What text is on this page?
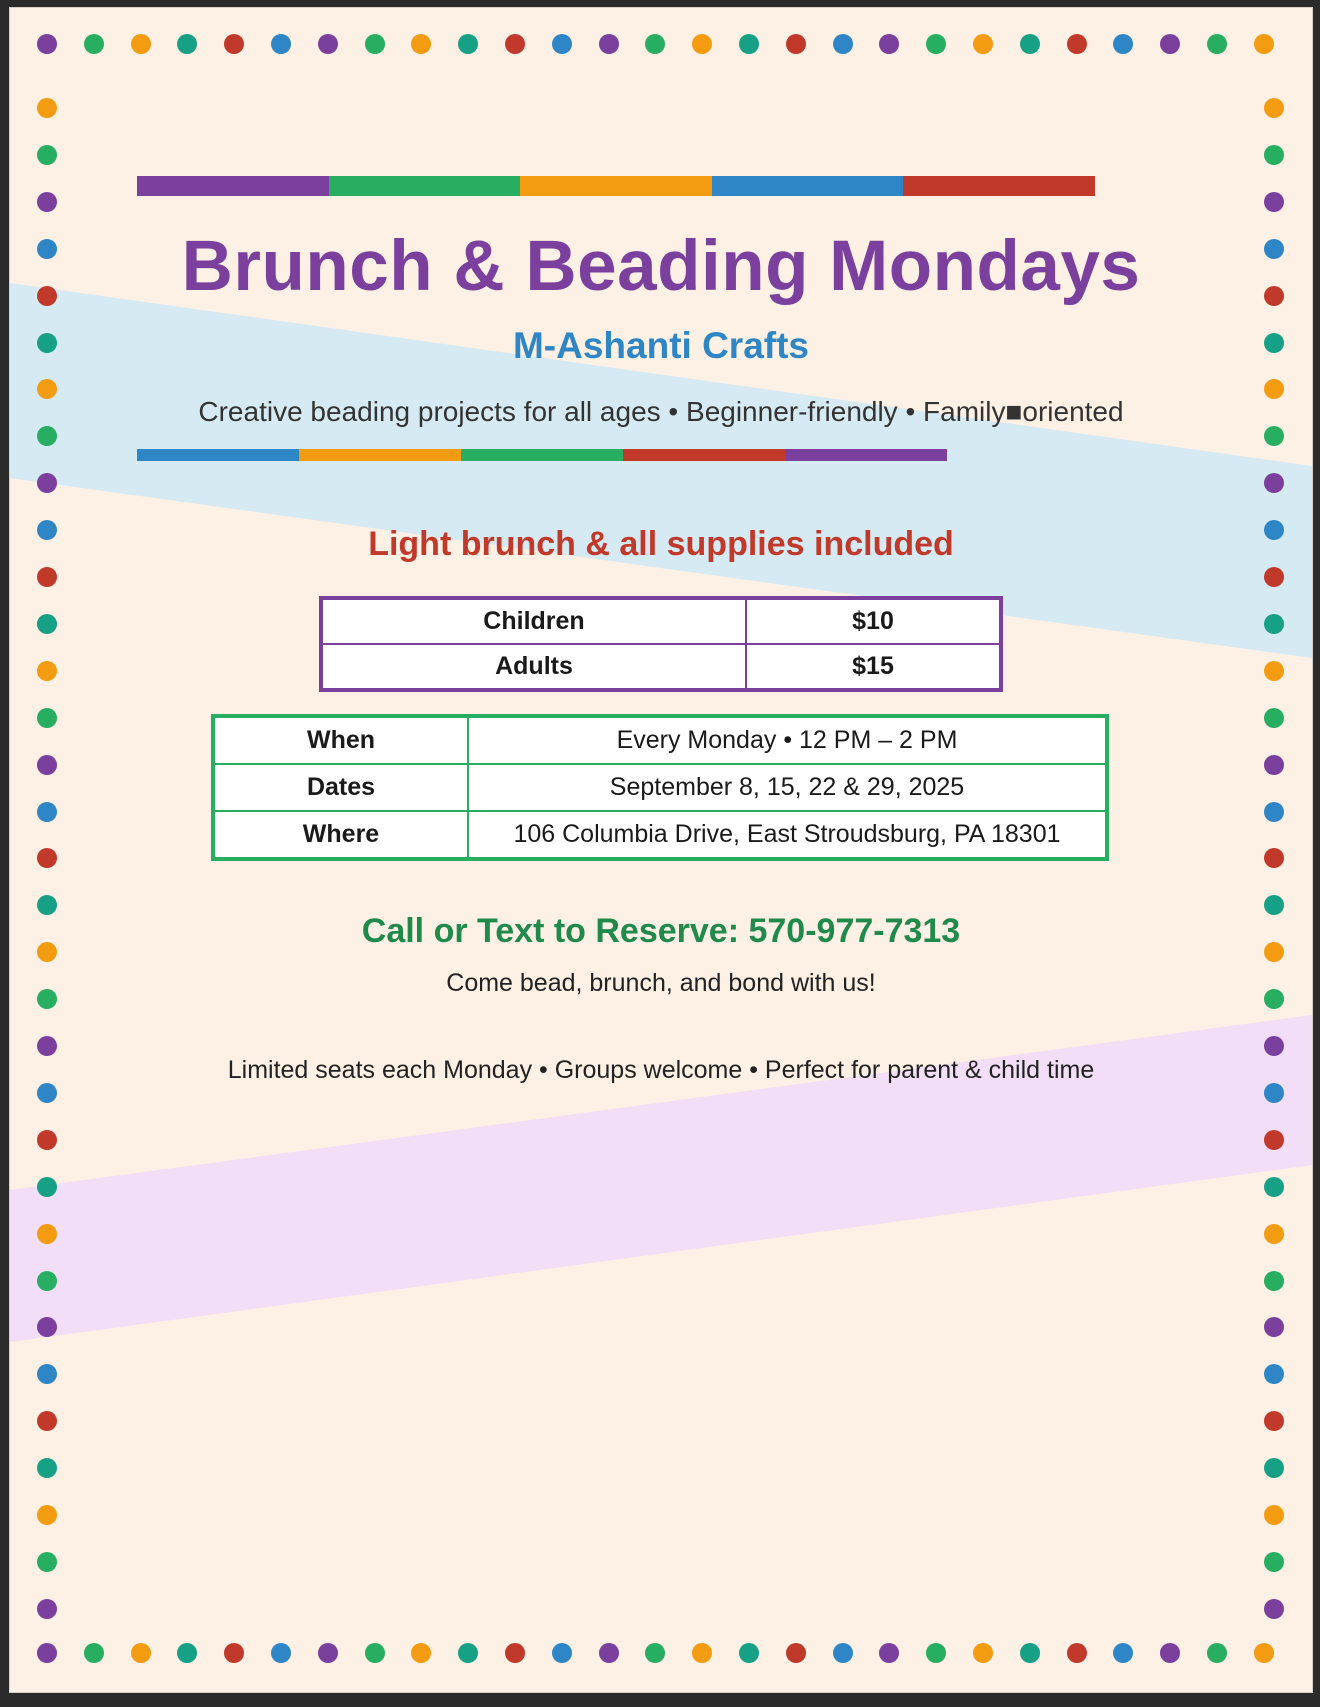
Brunch & Beading Mondays
M-Ashanti Crafts
Creative beading projects for all ages • Beginner-friendly • Family■oriented
Light brunch & all supplies included
Children	$10
Adults	$15
When	Every Monday • 12 PM – 2 PM
Dates	September 8, 15, 22 & 29, 2025
Where	106 Columbia Drive, East Stroudsburg, PA 18301
Call or Text to Reserve: 570-977-7313
Come bead, brunch, and bond with us!
Limited seats each Monday • Groups welcome • Perfect for parent & child time
